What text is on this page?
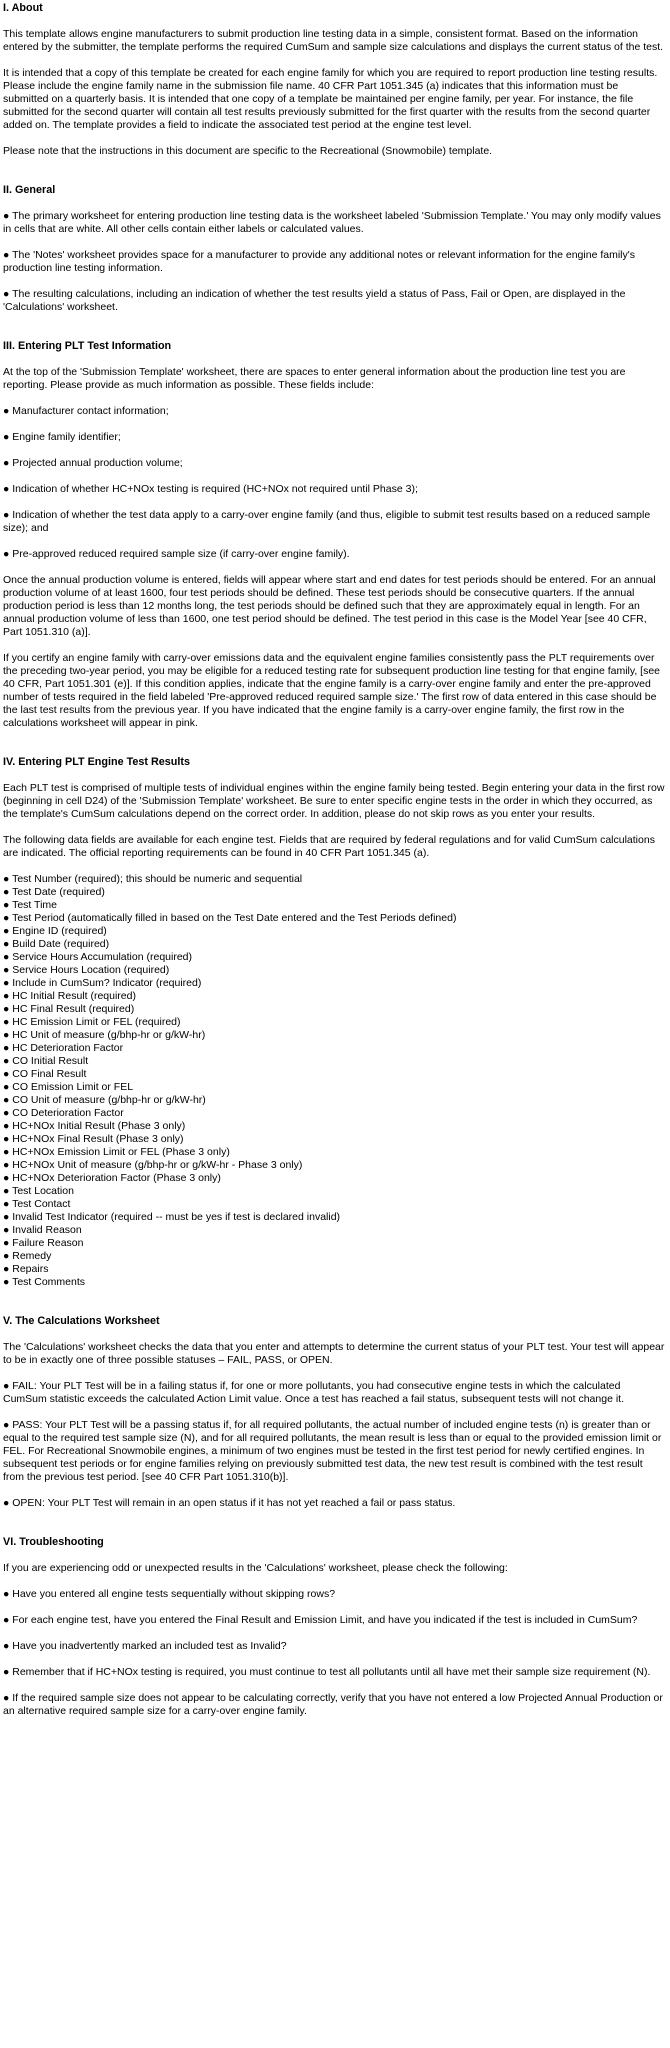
I. About

This template allows engine manufacturers to submit production line testing data in a simple, consistent format. Based on the information entered by the submitter, the template performs the required CumSum and sample size calculations and displays the current status of the test.

It is intended that a copy of this template be created for each engine family for which you are required to report production line testing results. Please include the engine family name in the submission file name. 40 CFR Part 1051.345 (a) indicates that this information must be submitted on a quarterly basis. It is intended that one copy of a template be maintained per engine family, per year. For instance, the file submitted for the second quarter will contain all test results previously submitted for the first quarter with the results from the second quarter added on. The template provides a field to indicate the associated test period at the engine test level.

Please note that the instructions in this document are specific to the Recreational (Snowmobile) template.

II. General

● The primary worksheet for entering production line testing data is the worksheet labeled 'Submission Template.' You may only modify values in cells that are white. All other cells contain either labels or calculated values.

● The 'Notes' worksheet provides space for a manufacturer to provide any additional notes or relevant information for the engine family's production line testing information.

● The resulting calculations, including an indication of whether the test results yield a status of Pass, Fail or Open, are displayed in the 'Calculations' worksheet.

III. Entering PLT Test Information

At the top of the 'Submission Template' worksheet, there are spaces to enter general information about the production line test you are reporting. Please provide as much information as possible. These fields include:

● Manufacturer contact information;

● Engine family identifier;

● Projected annual production volume;

● Indication of whether HC+NOx testing is required (HC+NOx not required until Phase 3);

● Indication of whether the test data apply to a carry-over engine family (and thus, eligible to submit test results based on a reduced sample size); and

● Pre-approved reduced required sample size (if carry-over engine family).

Once the annual production volume is entered, fields will appear where start and end dates for test periods should be entered. For an annual production volume of at least 1600, four test periods should be defined. These test periods should be consecutive quarters. If the annual production period is less than 12 months long, the test periods should be defined such that they are approximately equal in length. For an annual production volume of less than 1600, one test period should be defined. The test period in this case is the Model Year [see 40 CFR, Part 1051.310 (a)].

If you certify an engine family with carry-over emissions data and the equivalent engine families consistently pass the PLT requirements over the preceding two-year period, you may be eligible for a reduced testing rate for subsequent production line testing for that engine family, [see 40 CFR, Part 1051.301 (e)]. If this condition applies, indicate that the engine family is a carry-over engine family and enter the pre-approved number of tests required in the field labeled 'Pre-approved reduced required sample size.' The first row of data entered in this case should be the last test results from the previous year. If you have indicated that the engine family is a carry-over engine family, the first row in the calculations worksheet will appear in pink.

IV. Entering PLT Engine Test Results

Each PLT test is comprised of multiple tests of individual engines within the engine family being tested. Begin entering your data in the first row (beginning in cell D24) of the 'Submission Template' worksheet. Be sure to enter specific engine tests in the order in which they occurred, as the template's CumSum calculations depend on the correct order. In addition, please do not skip rows as you enter your results.

The following data fields are available for each engine test. Fields that are required by federal regulations and for valid CumSum calculations are indicated. The official reporting requirements can be found in 40 CFR Part 1051.345 (a).

● Test Number (required); this should be numeric and sequential
● Test Date (required)
● Test Time
● Test Period (automatically filled in based on the Test Date entered and the Test Periods defined)
● Engine ID (required)
● Build Date (required)
● Service Hours Accumulation (required)
● Service Hours Location (required)
● Include in CumSum? Indicator (required)
● HC Initial Result (required)
● HC Final Result (required)
● HC Emission Limit or FEL (required)
● HC Unit of measure (g/bhp-hr or g/kW-hr)
● HC Deterioration Factor
● CO Initial Result
● CO Final Result
● CO Emission Limit or FEL
● CO Unit of measure (g/bhp-hr or g/kW-hr)
● CO Deterioration Factor
● HC+NOx Initial Result (Phase 3 only)
● HC+NOx Final Result (Phase 3 only)
● HC+NOx Emission Limit or FEL (Phase 3 only)
● HC+NOx Unit of measure (g/bhp-hr or g/kW-hr - Phase 3 only)
● HC+NOx Deterioration Factor (Phase 3 only)
● Test Location
● Test Contact
● Invalid Test Indicator (required -- must be yes if test is declared invalid)
● Invalid Reason
● Failure Reason
● Remedy
● Repairs
● Test Comments
V. The Calculations Worksheet

The 'Calculations' worksheet checks the data that you enter and attempts to determine the current status of your PLT test. Your test will appear to be in exactly one of three possible statuses – FAIL, PASS, or OPEN.

● FAIL: Your PLT Test will be in a failing status if, for one or more pollutants, you had consecutive engine tests in which the calculated CumSum statistic exceeds the calculated Action Limit value. Once a test has reached a fail status, subsequent tests will not change it.

● PASS: Your PLT Test will be a passing status if, for all required pollutants, the actual number of included engine tests (n) is greater than or equal to the required test sample size (N), and for all required pollutants, the mean result is less than or equal to the provided emission limit or FEL. For Recreational Snowmobile engines, a minimum of two engines must be tested in the first test period for newly certified engines. In subsequent test periods or for engine families relying on previously submitted test data, the new test result is combined with the test result from the previous test period. [see 40 CFR Part 1051.310(b)].

● OPEN: Your PLT Test will remain in an open status if it has not yet reached a fail or pass status.

VI. Troubleshooting

If you are experiencing odd or unexpected results in the 'Calculations' worksheet, please check the following:

● Have you entered all engine tests sequentially without skipping rows?

● For each engine test, have you entered the Final Result and Emission Limit, and have you indicated if the test is included in CumSum?

● Have you inadvertently marked an included test as Invalid?

● Remember that if HC+NOx testing is required, you must continue to test all pollutants until all have met their sample size requirement (N).

● If the required sample size does not appear to be calculating correctly, verify that you have not entered a low Projected Annual Production or an alternative required sample size for a carry-over engine family.
